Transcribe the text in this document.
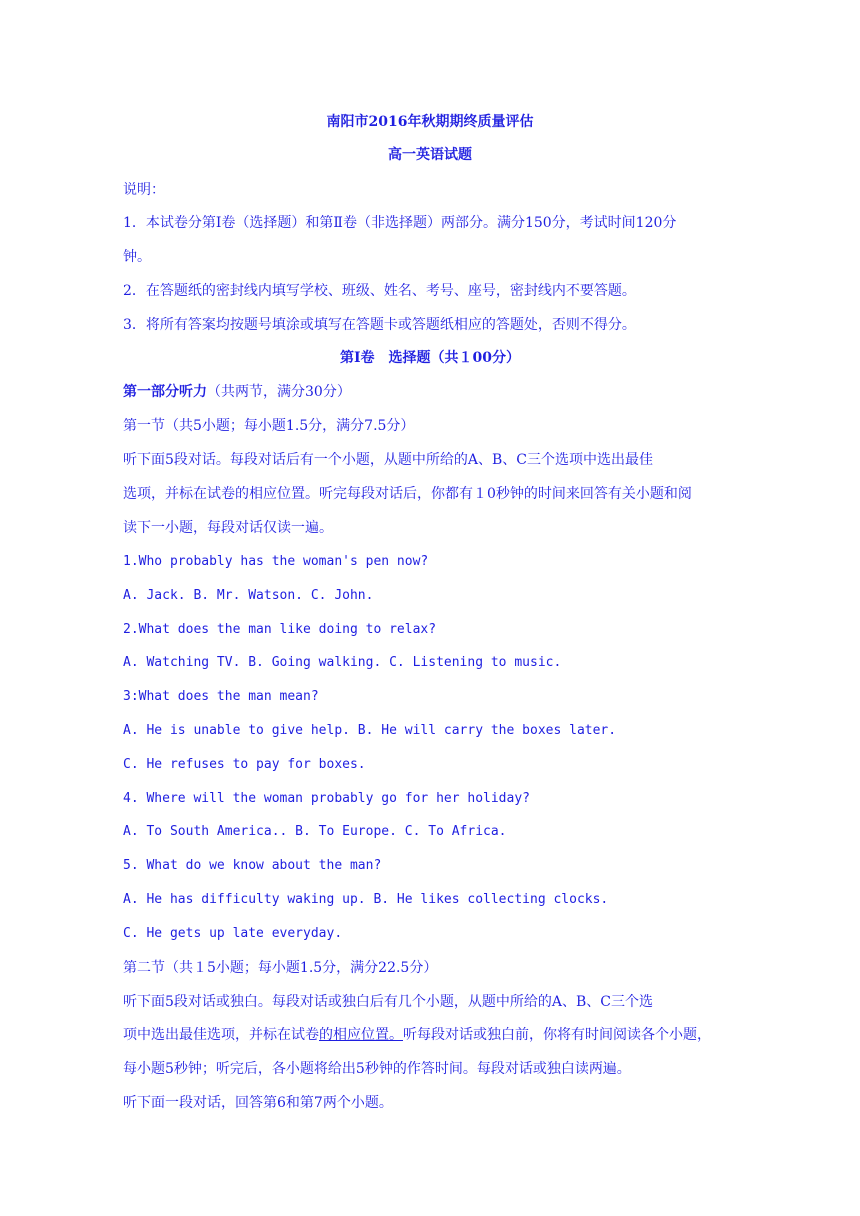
南阳市2016年秋期期终质量评估
高一英语试题
说明：
1．本试卷分第Ⅰ卷（选择题）和第Ⅱ卷（非选择题）两部分。满分150分，考试时间120分
钟。
2．在答题纸的密封线内填写学校、班级、姓名、考号、座号，密封线内不要答题。
3．将所有答案均按题号填涂或填写在答题卡或答题纸相应的答题处，否则不得分。
第Ⅰ卷　选择题（共１00分）
第一部分听力（共两节，满分30分）
第一节（共5小题；每小题1.5分，满分7.5分）
听下面5段对话。每段对话后有一个小题，从题中所给的A、B、C三个选项中选出最佳
选项，并标在试卷的相应位置。听完每段对话后，你都有１0秒钟的时间来回答有关小题和阅
读下一小题，每段对话仅读一遍。
1.Who probably has the woman's pen now?
A. Jack. B. Mr. Watson. C. John.
2.What does the man like doing to relax?
A. Watching TV. B. Going walking. C. Listening to music.
3:What does the man mean?
A. He is unable to give help. B. He will carry the boxes later.
C. He refuses to pay for boxes.
4. Where will the woman probably go for her holiday?
A. To South America.. B. To Europe. C. To Africa.
5. What do we know about the man?
A. He has difficulty waking up. B. He likes collecting clocks.
C. He gets up late everyday.
第二节（共１5小题；每小题1.5分，满分22.5分）
听下面5段对话或独白。每段对话或独白后有几个小题，从题中所给的A、B、C三个选
项中选出最佳选项，并标在试卷的相应位置。听每段对话或独白前，你将有时间阅读各个小题，
每小题5秒钟；听完后，各小题将给出5秒钟的作答时间。每段对话或独白读两遍。
听下面一段对话，回答第6和第7两个小题。
